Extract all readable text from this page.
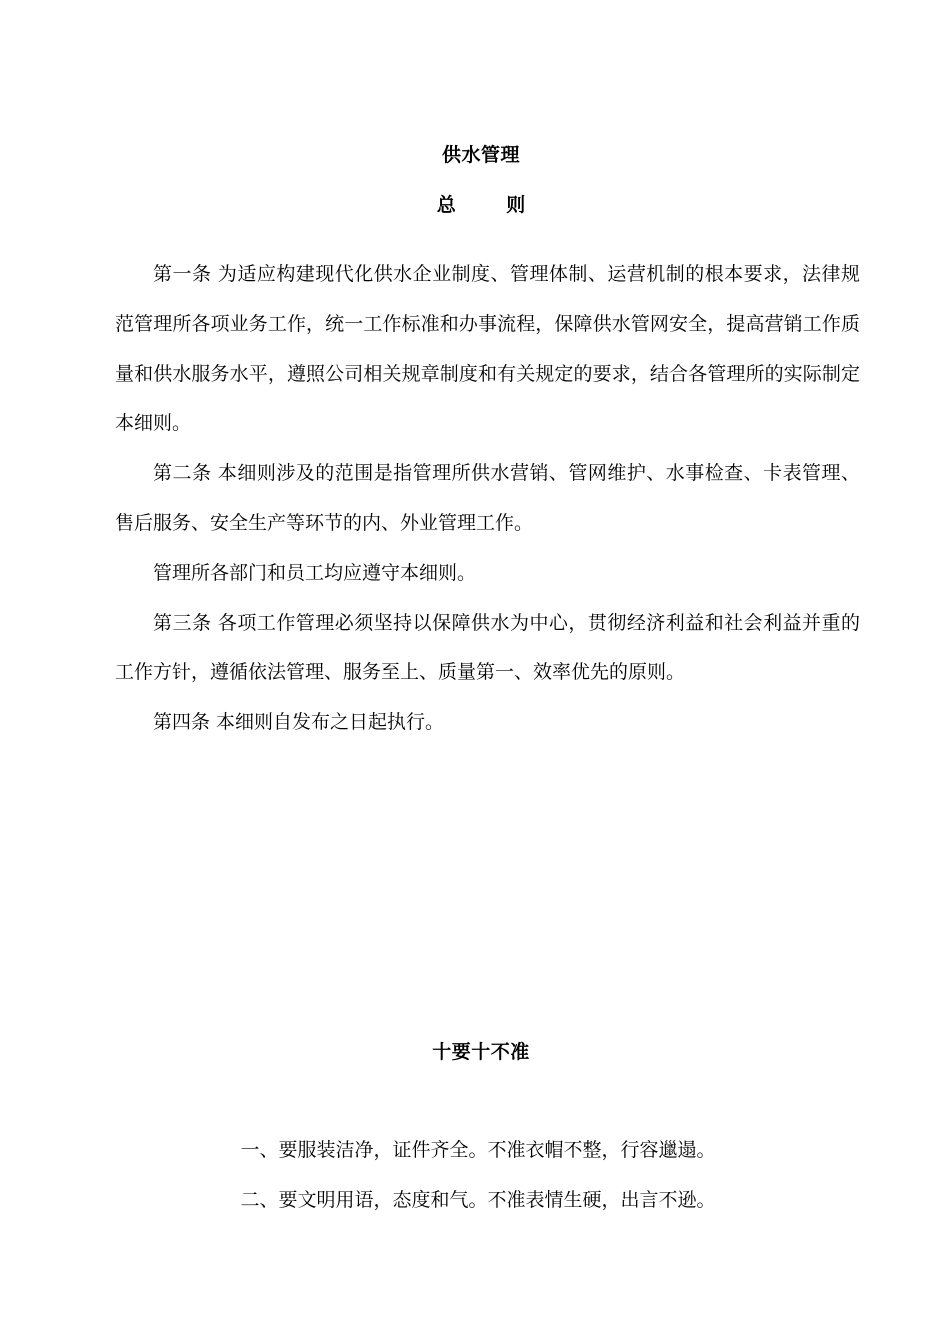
供水管理
总 则

第一条 为适应构建现代化供水企业制度、管理体制、运营机制的根本要求，法律规范管理所各项业务工作，统一工作标准和办事流程，保障供水管网安全，提高营销工作质量和供水服务水平，遵照公司相关规章制度和有关规定的要求，结合各管理所的实际制定本细则。

第二条 本细则涉及的范围是指管理所供水营销、管网维护、水事检查、卡表管理、售后服务、安全生产等环节的内、外业管理工作。

管理所各部门和员工均应遵守本细则。

第三条 各项工作管理必须坚持以保障供水为中心，贯彻经济利益和社会利益并重的工作方针，遵循依法管理、服务至上、质量第一、效率优先的原则。

第四条 本细则自发布之日起执行。

十要十不准

一、要服装洁净，证件齐全。不准衣帽不整，行容邋遢。

二、要文明用语，态度和气。不准表情生硬，出言不逊。
